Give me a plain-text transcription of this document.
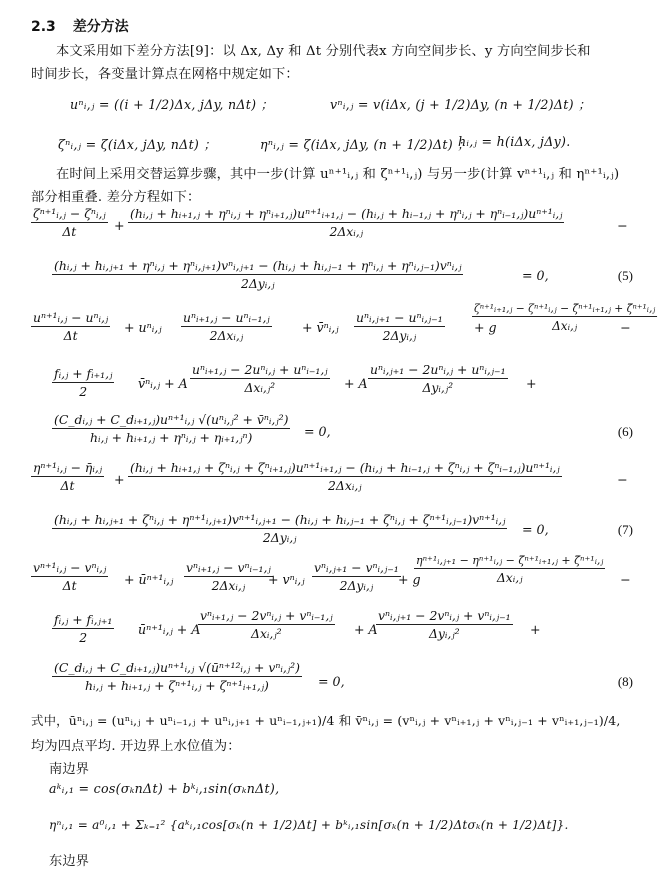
2.3 差分方法
本文采用如下差分方法[9]：以 Δx, Δy 和 Δt 分别代表x 方向空间步长、y 方向空间步长和
时间步长，各变量计算点在网格中规定如下：
uⁿᵢ,ⱼ = ((i + 1/2)Δx, jΔy, nΔt) ；	vⁿᵢ,ⱼ = v(iΔx, (j + 1/2)Δy, (n + 1/2)Δt) ；
ζⁿᵢ,ⱼ = ζ(iΔx, jΔy, nΔt) ；	ηⁿᵢ,ⱼ = ζ(iΔx, jΔy, (n + 1/2)Δt) ；
hᵢ,ⱼ = h(iΔx, jΔy).
在时间上采用交替运算步骤，其中一步(计算 uⁿ⁺¹ᵢ,ⱼ 和 ζⁿ⁺¹ᵢ,ⱼ) 与另一步(计算 vⁿ⁺¹ᵢ,ⱼ 和 ηⁿ⁺¹ᵢ,ⱼ)
部分相重叠. 差分方程如下：
ζⁿ⁺¹ᵢ,ⱼ − ζⁿᵢ,ⱼ
Δt	+
(hᵢ,ⱼ + hᵢ₊₁,ⱼ + ηⁿᵢ,ⱼ + ηⁿᵢ₊₁,ⱼ)uⁿ⁺¹ᵢ₊₁,ⱼ − (hᵢ,ⱼ + hᵢ₋₁,ⱼ + ηⁿᵢ,ⱼ + ηⁿᵢ₋₁,ⱼ)uⁿ⁺¹ᵢ,ⱼ
2Δxᵢ,ⱼ	−
(hᵢ,ⱼ + hᵢ,ⱼ₊₁ + ηⁿᵢ,ⱼ + ηⁿᵢ,ⱼ₊₁)vⁿᵢ,ⱼ₊₁ − (hᵢ,ⱼ + hᵢ,ⱼ₋₁ + ηⁿᵢ,ⱼ + ηⁿᵢ,ⱼ₋₁)vⁿᵢ,ⱼ
2Δyᵢ,ⱼ
= 0,	(5)
uⁿ⁺¹ᵢ,ⱼ − uⁿᵢ,ⱼ
Δt
+ uⁿᵢ,ⱼ
uⁿᵢ₊₁,ⱼ − uⁿᵢ₋₁,ⱼ
2Δxᵢ,ⱼ
+ v̄ⁿᵢ,ⱼ
uⁿᵢ,ⱼ₊₁ − uⁿᵢ,ⱼ₋₁
2Δyᵢ,ⱼ
+ g
ζⁿ⁺¹ᵢ₊₁,ⱼ − ζⁿ⁺¹ᵢ,ⱼ − ζ̄ⁿ⁺¹ᵢ₊₁,ⱼ + ζ̄ⁿ⁺¹ᵢ,ⱼ
Δxᵢ,ⱼ	−
fᵢ,ⱼ + fᵢ₊₁,ⱼ
2
v̄ⁿᵢ,ⱼ + A
uⁿᵢ₊₁,ⱼ − 2uⁿᵢ,ⱼ + uⁿᵢ₋₁,ⱼ
Δxᵢ,ⱼ²	+ A
uⁿᵢ,ⱼ₊₁ − 2uⁿᵢ,ⱼ + uⁿᵢ,ⱼ₋₁
Δyᵢ,ⱼ²	+
(C_dᵢ,ⱼ + C_dᵢ₊₁,ⱼ)uⁿ⁺¹ᵢ,ⱼ √(uⁿᵢ,ⱼ² + v̄ⁿᵢ,ⱼ²)
hᵢ,ⱼ + hᵢ₊₁,ⱼ + ηⁿᵢ,ⱼ + ηᵢ₊₁,ⱼⁿ)	= 0,	(6)
ηⁿ⁺¹ᵢ,ⱼ − η̄ᵢ,ⱼ
Δt	+
(hᵢ,ⱼ + hᵢ₊₁,ⱼ + ζⁿᵢ,ⱼ + ζⁿᵢ₊₁,ⱼ)uⁿ⁺¹ᵢ₊₁,ⱼ − (hᵢ,ⱼ + hᵢ₋₁,ⱼ + ζⁿᵢ,ⱼ + ζⁿᵢ₋₁,ⱼ)uⁿ⁺¹ᵢ,ⱼ
2Δxᵢ,ⱼ	−
(hᵢ,ⱼ + hᵢ,ⱼ₊₁ + ζⁿᵢ,ⱼ + ηⁿ⁺¹ᵢ,ⱼ₊₁)vⁿ⁺¹ᵢ,ⱼ₊₁ − (hᵢ,ⱼ + hᵢ,ⱼ₋₁ + ζⁿᵢ,ⱼ + ζⁿ⁺¹ᵢ,ⱼ₋₁)vⁿ⁺¹ᵢ,ⱼ
2Δyᵢ,ⱼ
= 0,	(7)
vⁿ⁺¹ᵢ,ⱼ − vⁿᵢ,ⱼ
Δt	+ ūⁿ⁺¹ᵢ,ⱼ
vⁿᵢ₊₁,ⱼ − vⁿᵢ₋₁,ⱼ
2Δxᵢ,ⱼ	+ vⁿᵢ,ⱼ
vⁿᵢ,ⱼ₊₁ − vⁿᵢ,ⱼ₋₁
2Δyᵢ,ⱼ	+ g
ηⁿ⁺¹ᵢ,ⱼ₊₁ − ηⁿ⁺¹ᵢ,ⱼ − ζ̄ⁿ⁺¹ᵢ₊₁,ⱼ + ζ̄ⁿ⁺¹ᵢ,ⱼ
Δxᵢ,ⱼ	−
fᵢ,ⱼ + fᵢ,ⱼ₊₁
2
ūⁿ⁺¹ᵢ,ⱼ + A
vⁿᵢ₊₁,ⱼ − 2vⁿᵢ,ⱼ + vⁿᵢ₋₁,ⱼ
Δxᵢ,ⱼ²	+ A
vⁿᵢ,ⱼ₊₁ − 2vⁿᵢ,ⱼ + vⁿᵢ,ⱼ₋₁
Δyᵢ,ⱼ²	+
(C_dᵢ,ⱼ + C_dᵢ₊₁,ⱼ)uⁿ⁺¹ᵢ,ⱼ √(ūⁿ⁺¹²ᵢ,ⱼ + vⁿᵢ,ⱼ²)
hᵢ,ⱼ + hᵢ₊₁,ⱼ + ζⁿ⁺¹ᵢ,ⱼ + ζⁿ⁺¹ᵢ₊₁,ⱼ)	= 0,	(8)
式中，ūⁿᵢ,ⱼ = (uⁿᵢ,ⱼ + uⁿᵢ₋₁,ⱼ + uⁿᵢ,ⱼ₊₁ + uⁿᵢ₋₁,ⱼ₊₁)/4 和 v̄ⁿᵢ,ⱼ = (vⁿᵢ,ⱼ + vⁿᵢ₊₁,ⱼ + vⁿᵢ,ⱼ₋₁ + vⁿᵢ₊₁,ⱼ₋₁)/4,
均为四点平均. 开边界上水位值为：
南边界
aᵏᵢ,₁ = cos(σₖnΔt) + bᵏᵢ,₁sin(σₖnΔt),
ηⁿᵢ,₁ = a⁰ᵢ,₁ + Σₖ₌₁² {aᵏᵢ,₁cos[σₖ(n + 1/2)Δt] + bᵏᵢ,₁sin[σₖ(n + 1/2)Δtσₖ(n + 1/2)Δt]}.
东边界
